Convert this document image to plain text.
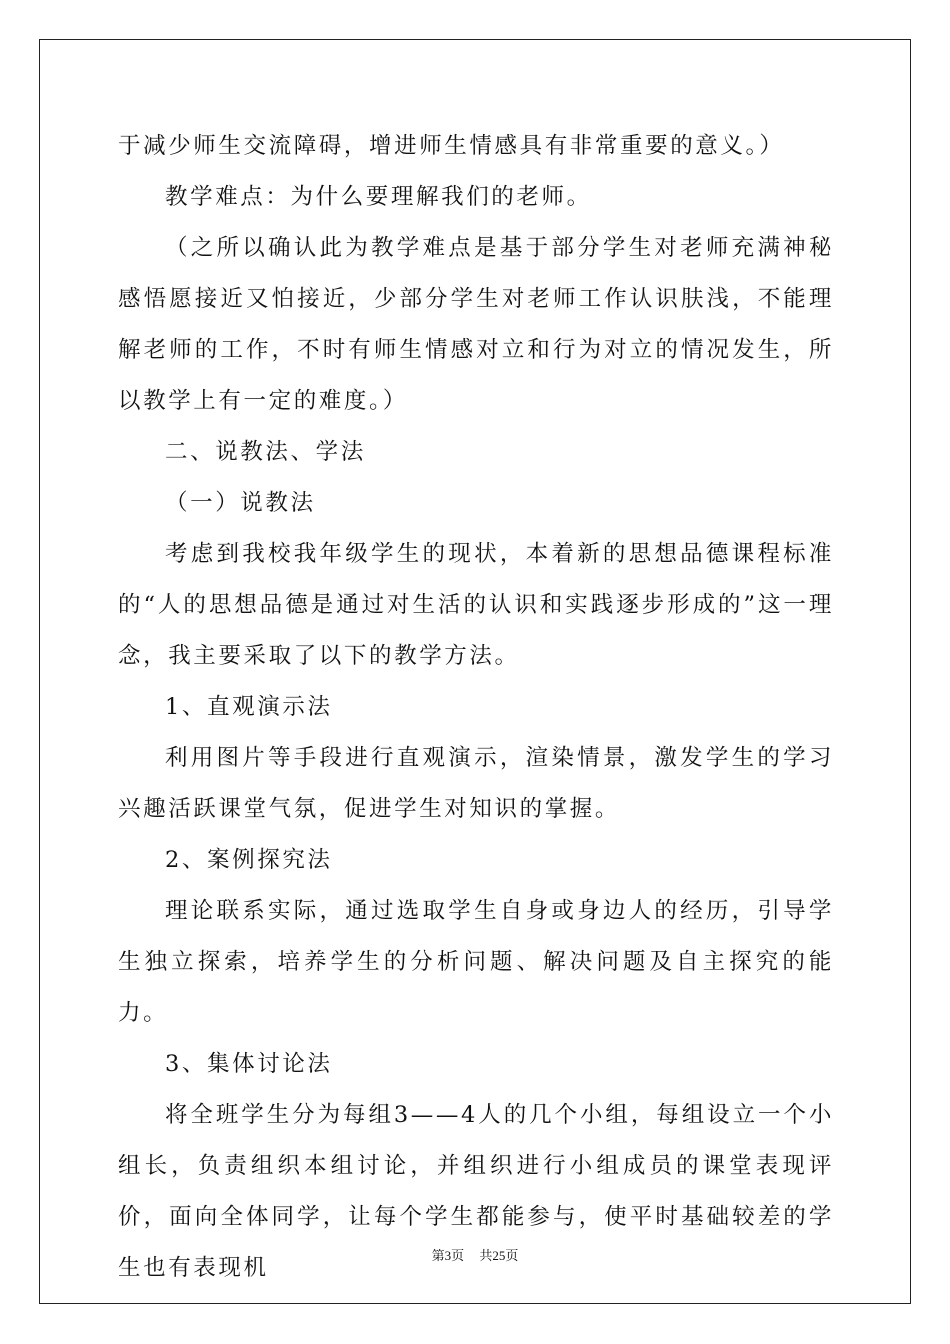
于减少师生交流障碍，增进师生情感具有非常重要的意义。）

教学难点：为什么要理解我们的老师。

（之所以确认此为教学难点是基于部分学生对老师充满神秘感悟愿接近又怕接近，少部分学生对老师工作认识肤浅，不能理解老师的工作，不时有师生情感对立和行为对立的情况发生，所以教学上有一定的难度。）

二、说教法、学法

（一）说教法

考虑到我校我年级学生的现状，本着新的思想品德课程标准的“人的思想品德是通过对生活的认识和实践逐步形成的”这一理念，我主要采取了以下的教学方法。

1、直观演示法

利用图片等手段进行直观演示，渲染情景，激发学生的学习兴趣活跃课堂气氛，促进学生对知识的掌握。

2、案例探究法

理论联系实际，通过选取学生自身或身边人的经历，引导学生独立探索，培养学生的分析问题、解决问题及自主探究的能力。

3、集体讨论法

将全班学生分为每组3——4人的几个小组，每组设立一个小组长，负责组织本组讨论，并组织进行小组成员的课堂表现评价，面向全体同学，让每个学生都能参与，使平时基础较差的学生也有表现机	第3页 共25页
